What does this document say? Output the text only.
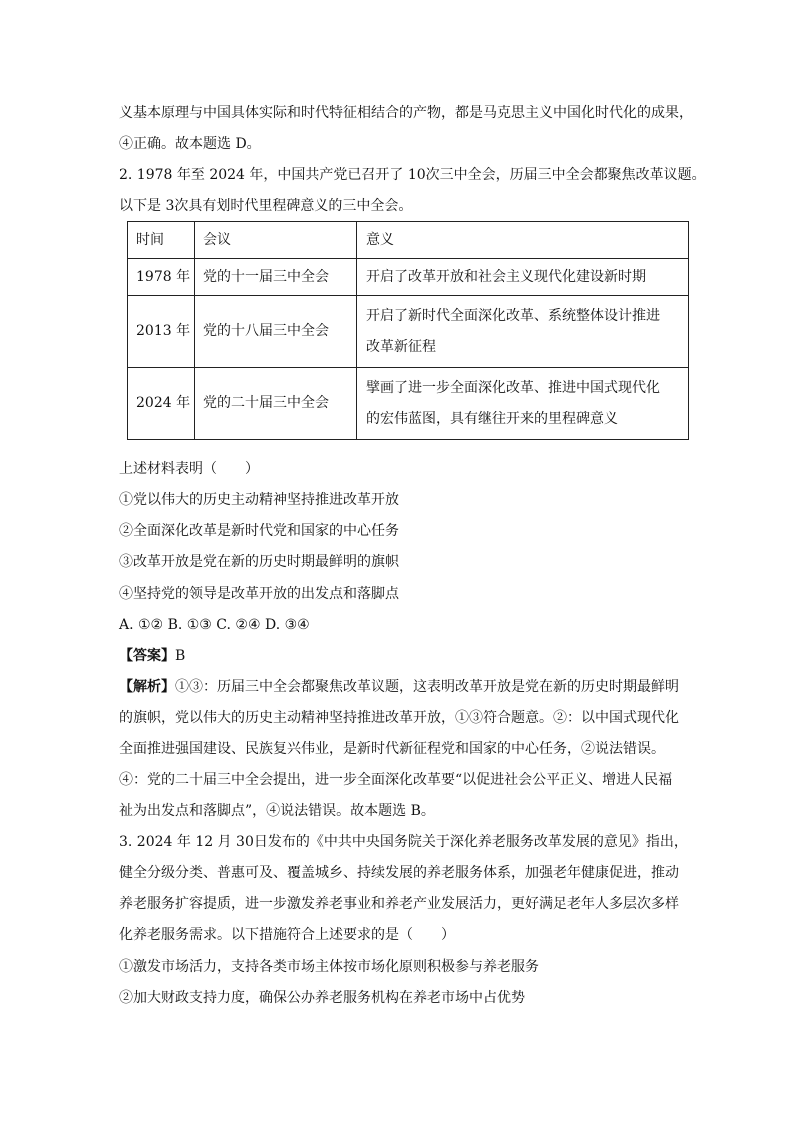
义基本原理与中国具体实际和时代特征相结合的产物，都是马克思主义中国化时代化的成果，
④正确。故本题选 D。
2. 1978 年至 2024 年，中国共产党已召开了 10次三中全会，历届三中全会都聚焦改革议题。
以下是 3次具有划时代里程碑意义的三中全会。
时间	会议	意义
1978 年	党的十一届三中全会	开启了改革开放和社会主义现代化建设新时期
2013 年	党的十八届三中全会	开启了新时代全面深化改革、系统整体设计推进
改革新征程

2024 年	党的二十届三中全会	擘画了进一步全面深化改革、推进中国式现代化
的宏伟蓝图，具有继往开来的里程碑意义
上述材料表明（　　）
①党以伟大的历史主动精神坚持推进改革开放
②全面深化改革是新时代党和国家的中心任务
③改革开放是党在新的历史时期最鲜明的旗帜
④坚持党的领导是改革开放的出发点和落脚点
A. ①② B. ①③ C. ②④ D. ③④
【答案】B
【解析】①③：历届三中全会都聚焦改革议题，这表明改革开放是党在新的历史时期最鲜明
的旗帜，党以伟大的历史主动精神坚持推进改革开放，①③符合题意。②：以中国式现代化
全面推进强国建设、民族复兴伟业，是新时代新征程党和国家的中心任务，②说法错误。
④：党的二十届三中全会提出，进一步全面深化改革要“以促进社会公平正义、增进人民福
祉为出发点和落脚点”，④说法错误。故本题选 B。
3. 2024 年 12 月 30日发布的《中共中央国务院关于深化养老服务改革发展的意见》指出，
健全分级分类、普惠可及、覆盖城乡、持续发展的养老服务体系，加强老年健康促进，推动
养老服务扩容提质，进一步激发养老事业和养老产业发展活力，更好满足老年人多层次多样
化养老服务需求。以下措施符合上述要求的是（　　）
①激发市场活力，支持各类市场主体按市场化原则积极参与养老服务
②加大财政支持力度，确保公办养老服务机构在养老市场中占优势
